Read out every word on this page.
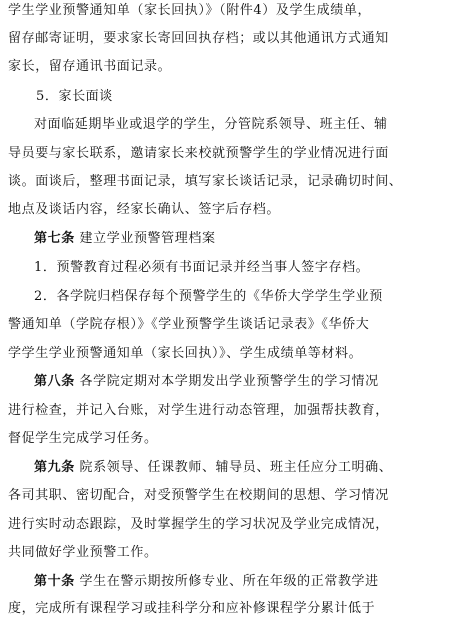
学生学业预警通知单（家长回执）》（附件4）及学生成绩单，
留存邮寄证明，要求家长寄回回执存档；或以其他通讯方式通知
家长，留存通讯书面记录。
5．家长面谈
对面临延期毕业或退学的学生，分管院系领导、班主任、辅
导员要与家长联系，邀请家长来校就预警学生的学业情况进行面
谈。面谈后，整理书面记录，填写家长谈话记录，记录确切时间、
地点及谈话内容，经家长确认、签字后存档。
第七条 建立学业预警管理档案
1．预警教育过程必须有书面记录并经当事人签字存档。
2．各学院归档保存每个预警学生的《华侨大学学生学业预
警通知单（学院存根）》《学业预警学生谈话记录表》《华侨大
学学生学业预警通知单（家长回执）》、学生成绩单等材料。
第八条 各学院定期对本学期发出学业预警学生的学习情况
进行检查，并记入台账，对学生进行动态管理，加强帮扶教育，
督促学生完成学习任务。
第九条 院系领导、任课教师、辅导员、班主任应分工明确、
各司其职、密切配合，对受预警学生在校期间的思想、学习情况
进行实时动态跟踪，及时掌握学生的学习状况及学业完成情况，
共同做好学业预警工作。
第十条 学生在警示期按所修专业、所在年级的正常教学进
度，完成所有课程学习或挂科学分和应补修课程学分累计低于
